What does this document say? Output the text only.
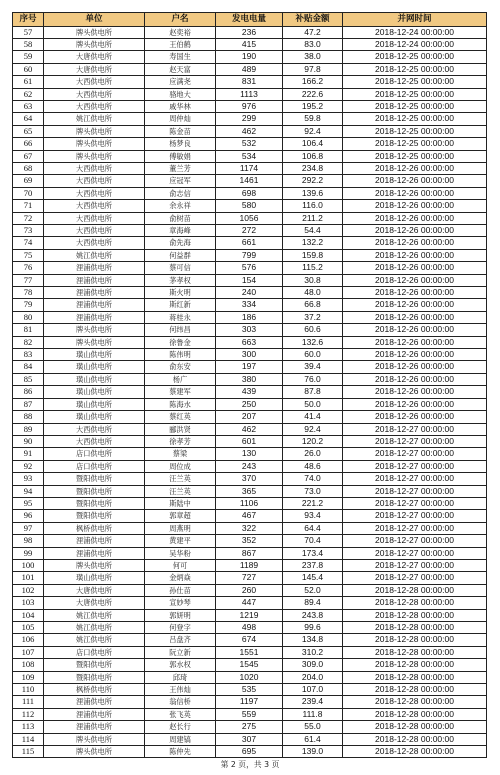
序号	单位	户名	发电电量	补贴金额	并网时间
57	牌头供电所	赵奕裕	236	47.2	2018-12-24 00:00:00
58	牌头供电所	王伯鹤	415	83.0	2018-12-24 00:00:00
59	大唐供电所	寿国生	190	38.0	2018-12-25 00:00:00
60	大唐供电所	赵天富	489	97.8	2018-12-25 00:00:00
61	大西供电所	应满尧	831	166.2	2018-12-25 00:00:00
62	大西供电所	骆地大	1113	222.6	2018-12-25 00:00:00
63	大西供电所	戚华林	976	195.2	2018-12-25 00:00:00
64	姚江供电所	周仲灿	299	59.8	2018-12-25 00:00:00
65	牌头供电所	陈金苗	462	92.4	2018-12-25 00:00:00
66	牌头供电所	杨梦良	532	106.4	2018-12-25 00:00:00
67	牌头供电所	傅敏娟	534	106.8	2018-12-25 00:00:00
68	大西供电所	董兰芳	1174	234.8	2018-12-26 00:00:00
69	大西供电所	应冠军	1461	292.2	2018-12-26 00:00:00
70	大西供电所	俞志信	698	139.6	2018-12-26 00:00:00
71	大西供电所	余永祥	580	116.0	2018-12-26 00:00:00
72	大西供电所	俞树苗	1056	211.2	2018-12-26 00:00:00
73	大西供电所	章海峰	272	54.4	2018-12-26 00:00:00
74	大西供电所	俞先海	661	132.2	2018-12-26 00:00:00
75	姚江供电所	何益群	799	159.8	2018-12-26 00:00:00
76	浬浦供电所	蔡可信	576	115.2	2018-12-26 00:00:00
77	浬浦供电所	茅孝权	154	30.8	2018-12-26 00:00:00
78	浬浦供电所	斯火明	240	48.0	2018-12-26 00:00:00
79	浬浦供电所	斯红新	334	66.8	2018-12-26 00:00:00
80	浬浦供电所	蒋桂永	186	37.2	2018-12-26 00:00:00
81	牌头供电所	何纬昌	303	60.6	2018-12-26 00:00:00
82	牌头供电所	徐鲁金	663	132.6	2018-12-26 00:00:00
83	璜山供电所	陈伟明	300	60.0	2018-12-26 00:00:00
84	璜山供电所	俞东安	197	39.4	2018-12-26 00:00:00
85	璜山供电所	杨广	380	76.0	2018-12-26 00:00:00
86	璜山供电所	蔡建军	439	87.8	2018-12-26 00:00:00
87	璜山供电所	陈海水	250	50.0	2018-12-26 00:00:00
88	璜山供电所	蔡红英	207	41.4	2018-12-26 00:00:00
89	大西供电所	郦洪贤	462	92.4	2018-12-27 00:00:00
90	大西供电所	徐孝芳	601	120.2	2018-12-27 00:00:00
91	店口供电所	蔡梁	130	26.0	2018-12-27 00:00:00
92	店口供电所	周位成	243	48.6	2018-12-27 00:00:00
93	暨阳供电所	汪兰英	370	74.0	2018-12-27 00:00:00
94	暨阳供电所	汪兰英	365	73.0	2018-12-27 00:00:00
95	暨阳供电所	斯陆中	1106	221.2	2018-12-27 00:00:00
96	暨阳供电所	郭章超	467	93.4	2018-12-27 00:00:00
97	枫桥供电所	周燕明	322	64.4	2018-12-27 00:00:00
98	浬浦供电所	黄建平	352	70.4	2018-12-27 00:00:00
99	浬浦供电所	吴华粉	867	173.4	2018-12-27 00:00:00
100	牌头供电所	何可	1189	237.8	2018-12-27 00:00:00
101	璜山供电所	金炳焱	727	145.4	2018-12-27 00:00:00
102	大唐供电所	孙仕苗	260	52.0	2018-12-28 00:00:00
103	大唐供电所	宣妙琴	447	89.4	2018-12-28 00:00:00
104	姚江供电所	郭妍明	1219	243.8	2018-12-28 00:00:00
105	姚江供电所	何登字	498	99.6	2018-12-28 00:00:00
106	姚江供电所	吕盘齐	674	134.8	2018-12-28 00:00:00
107	店口供电所	阮立新	1551	310.2	2018-12-28 00:00:00
108	暨阳供电所	郭水权	1545	309.0	2018-12-28 00:00:00
109	暨阳供电所	邱琦	1020	204.0	2018-12-28 00:00:00
110	枫桥供电所	王伟灿	535	107.0	2018-12-28 00:00:00
111	浬浦供电所	翁信桥	1197	239.4	2018-12-28 00:00:00
112	浬浦供电所	张飞英	559	111.8	2018-12-28 00:00:00
113	浬浦供电所	赵长行	275	55.0	2018-12-28 00:00:00
114	牌头供电所	周建镐	307	61.4	2018-12-28 00:00:00
115	牌头供电所	陈仲先	695	139.0	2018-12-28 00:00:00
第 2 页，共 3 页
